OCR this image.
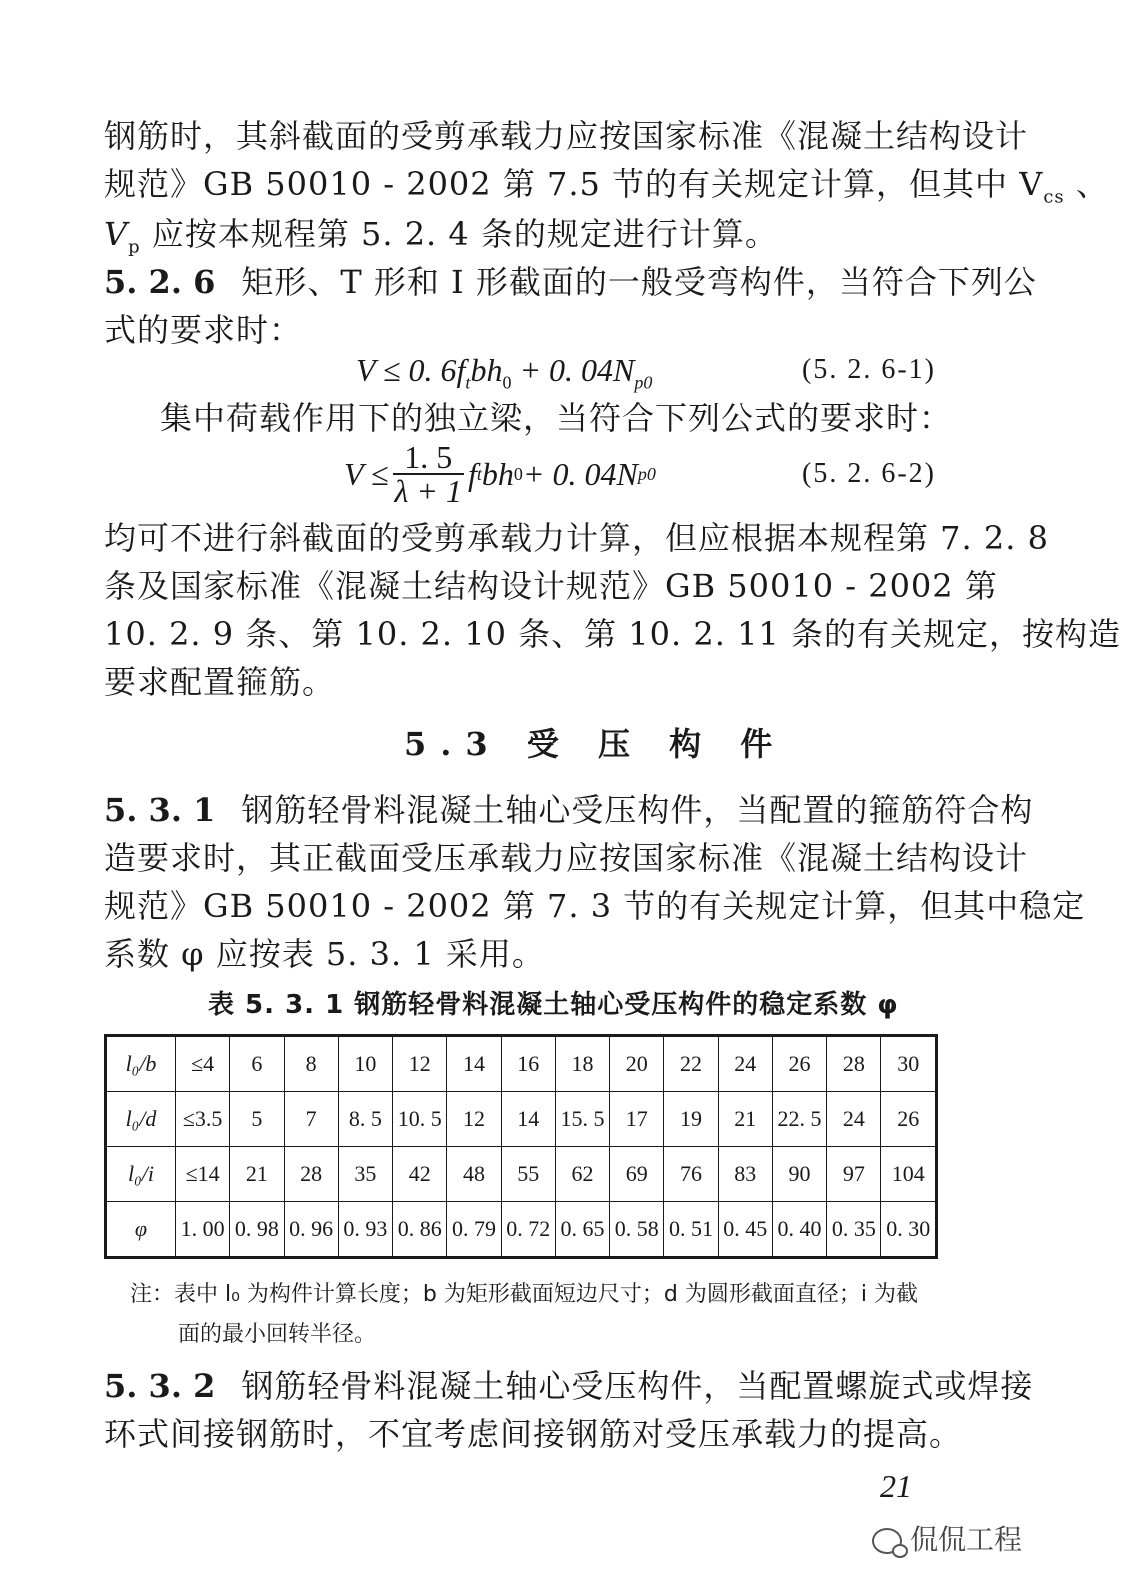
钢筋时，其斜截面的受剪承载力应按国家标准《混凝土结构设计
规范》GB 50010 - 2002 第 7.5 节的有关规定计算，但其中 $V_{cs}$ 、
$V_p$ 应按本规程第 5. 2. 4 条的规定进行计算。
5. 2. 6 矩形、T 形和 I 形截面的一般受弯构件，当符合下列公
式的要求时：
V ≤ 0. $6f_tbh_0 + 0$. $04N_{p0}$	(5. 2. 6-1)
集中荷载作用下的独立梁，当符合下列公式的要求时：
$V \le \frac{1. 5}{\lambda + 1}$ f t bh 0 + 0. 04N p0	(5. 2. 6-2)
均可不进行斜截面的受剪承载力计算，但应根据本规程第 7. 2. 8
条及国家标准《混凝土结构设计规范》GB 50010 - 2002 第
10. 2. 9 条、第 10. 2. 10 条、第 10. 2. 11 条的有关规定，按构造
要求配置箍筋。
5.3 受 压 构 件
5. 3. 1 钢筋轻骨料混凝土轴心受压构件，当配置的箍筋符合构
造要求时，其正截面受压承载力应按国家标准《混凝土结构设计
规范》GB 50010 - 2002 第 7. 3 节的有关规定计算，但其中稳定
系数 φ 应按表 5. 3. 1 采用。
表 5. 3. 1 钢筋轻骨料混凝土轴心受压构件的稳定系数 φ
l₀/b	≤4	6	8	10	12	14	16	18	20	22	24	26	28	30
l₀/d	≤3.5	5	7	8. 5	10. 5	12	14	15. 5	17	19	21	22. 5	24	26
l₀/i	≤14	21	28	35	42	48	55	62	69	76	83	90	97	104
φ	1. 00	0. 98	0. 96	0. 93	0. 86	0. 79	0. 72	0. 65	0. 58	0. 51	0. 45	0. 40	0. 35	0. 30
注：表中 l₀ 为构件计算长度；b 为矩形截面短边尺寸；d 为圆形截面直径；i 为截
面的最小回转半径。
5. 3. 2 钢筋轻骨料混凝土轴心受压构件，当配置螺旋式或焊接
环式间接钢筋时，不宜考虑间接钢筋对受压承载力的提高。
21
侃侃工程
